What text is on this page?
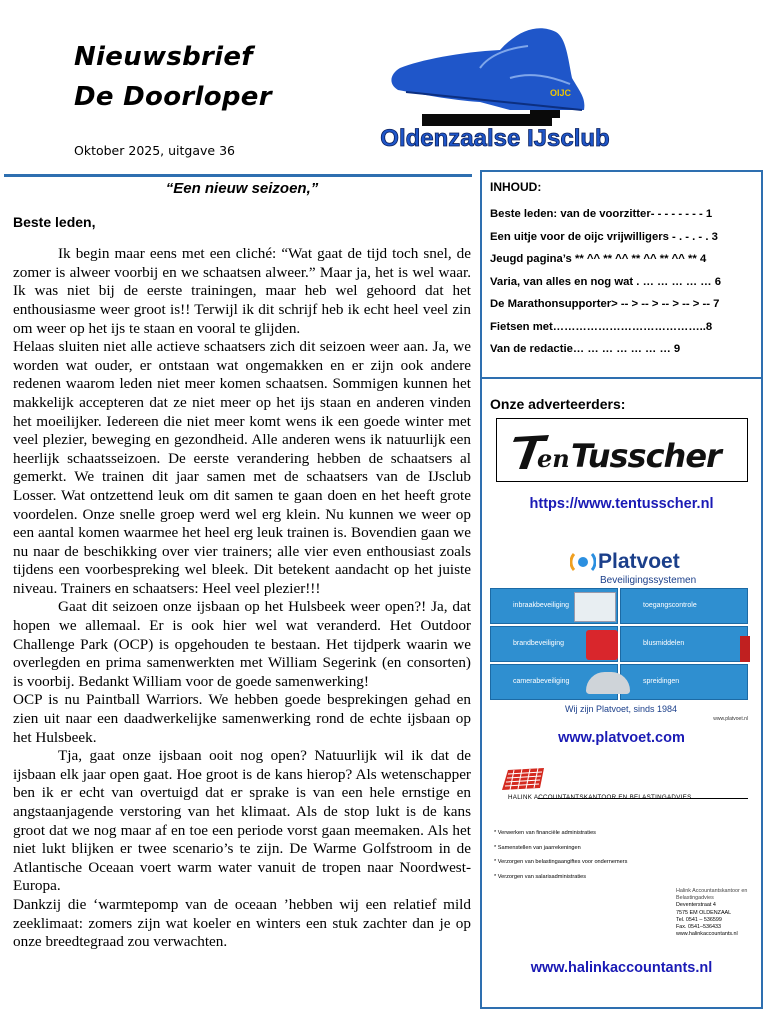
Nieuwsbrief
De Doorloper
Oktober 2025, uitgave 36
OIJC
Oldenzaalse IJsclub
“Een nieuw seizoen,”
Beste leden,

Ik begin maar eens met een cliché: “Wat gaat de tijd toch snel, de zomer is alweer voorbij en we schaatsen alweer.” Maar ja, het is wel waar. Ik was niet bij de eerste trainingen, maar heb wel gehoord dat het enthousiasme weer groot is!! Terwijl ik dit schrijf heb ik echt heel veel zin om weer op het ijs te staan en vooral te glijden.

Helaas sluiten niet alle actieve schaatsers zich dit seizoen weer aan. Ja, we worden wat ouder, er ontstaan wat ongemakken en er zijn ook andere redenen waarom leden niet meer komen schaatsen. Sommigen kunnen het makkelijk accepteren dat ze niet meer op het ijs staan en anderen vinden het moeilijker. Iedereen die niet meer komt wens ik een goede winter met veel plezier, beweging en gezondheid. Alle anderen wens ik natuurlijk een heerlijk schaatsseizoen. De eerste verandering hebben de schaatsers al gemerkt. We trainen dit jaar samen met de schaatsers van de IJsclub Losser. Wat ontzettend leuk om dit samen te gaan doen en het heeft grote voordelen. Onze snelle groep werd wel erg klein. Nu kunnen we weer op een aantal komen waarmee het heel erg leuk trainen is. Bovendien gaan we nu naar de beschikking over vier trainers; alle vier even enthousiast zoals tijdens een voorbespreking wel bleek. Dit betekent aandacht op het juiste niveau. Trainers en schaatsers: Heel veel plezier!!!

Gaat dit seizoen onze ijsbaan op het Hulsbeek weer open?! Ja, dat hopen we allemaal. Er is ook hier wel wat veranderd. Het Outdoor Challenge Park (OCP) is opgehouden te bestaan. Het tijdperk waarin we overlegden en prima samenwerkten met William Segerink (en consorten) is voorbij. Bedankt William voor de goede samenwerking!

OCP is nu Paintball Warriors. We hebben goede besprekingen gehad en zien uit naar een daadwerkelijke samenwerking rond de echte ijsbaan op het Hulsbeek.

Tja, gaat onze ijsbaan ooit nog open? Natuurlijk wil ik dat de ijsbaan elk jaar open gaat. Hoe groot is de kans hierop? Als wetenschapper ben ik er echt van overtuigd dat er sprake is van een hele ernstige en angstaanjagende verstoring van het klimaat. Als de stop lukt is de kans groot dat we nog maar af en toe een periode vorst gaan meemaken. Als het niet lukt blijken er twee scenario’s te zijn. De Warme Golfstroom in de Atlantische Oceaan voert warm water vanuit de tropen naar Noordwest-Europa.

Dankzij die ‘warmtepomp van de oceaan ’hebben wij een relatief mild zeeklimaat: zomers zijn wat koeler en winters een stuk zachter dan je op onze breedtegraad zou verwachten.

INHOUD:
Beste leden: van de voorzitter- - - - - - - - 1
Een uitje voor de oijc vrijwilligers - . - . - . 3
Jeugd pagina’s ** ^^ ** ^^ ** ^^ ** ^^ ** 4
Varia, van alles en nog wat . … … … … … 6
De Marathonsupporter> -- > -- > -- > -- > -- 7
Fietsen met…………………………………..8
Van de redactie… … … … … … … 9
Onze adverteerders:
en Tusscher
https://www.tentusscher.nl
Platvoet
Beveiligingssystemen
inbraakbeveiliging	toegangscontrole
brandbeveiliging	blusmiddelen
camerabeveiliging	spreidingen
Wij zijn Platvoet, sinds 1984
www.platvoet.nl
www.platvoet.com
HALINK ACCOUNTANTSKANTOOR EN BELASTINGADVIES
* Verwerken van financiële administraties
* Samenstellen van jaarrekeningen
* Verzorgen van belastingaangiftes voor ondernemers
* Verzorgen van salarisadministraties
Halink Accountantskantoor en Belastingadvies
Deventerstraat 4
7575 EM OLDENZAAL
Tel. 0541 – 536599
Fax. 0541–536433
www.halinkaccountants.nl
www.halinkaccountants.nl
